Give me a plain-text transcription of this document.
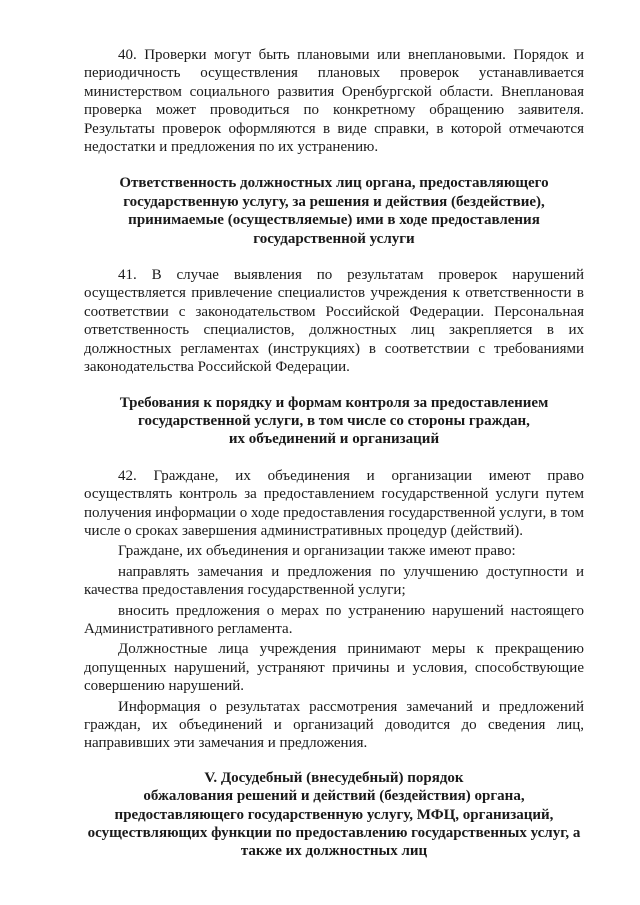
40. Проверки могут быть плановыми или внеплановыми. Порядок и периодичность осуществления плановых проверок устанавливается министерством социального развития Оренбургской области. Внеплановая проверка может проводиться по конкретному обращению заявителя. Результаты проверок оформляются в виде справки, в которой отмечаются недостатки и предложения по их устранению.

Ответственность должностных лиц органа, предоставляющего
государственную услугу, за решения и действия (бездействие),
принимаемые (осуществляемые) ими в ходе предоставления
государственной услуги

41. В случае выявления по результатам проверок нарушений осуществляется привлечение специалистов учреждения к ответственности в соответствии с законодательством Российской Федерации. Персональная ответственность специалистов, должностных лиц закрепляется в их должностных регламентах (инструкциях) в соответствии с требованиями законодательства Российской Федерации.

Требования к порядку и формам контроля за предоставлением
государственной услуги, в том числе со стороны граждан,
их объединений и организаций

42. Граждане, их объединения и организации имеют право осуществлять контроль за предоставлением государственной услуги путем получения информации о ходе предоставления государственной услуги, в том числе о сроках завершения административных процедур (действий).

Граждане, их объединения и организации также имеют право:

направлять замечания и предложения по улучшению доступности и качества предоставления государственной услуги;

вносить предложения о мерах по устранению нарушений настоящего Административного регламента.

Должностные лица учреждения принимают меры к прекращению допущенных нарушений, устраняют причины и условия, способствующие совершению нарушений.

Информация о результатах рассмотрения замечаний и предложений граждан, их объединений и организаций доводится до сведения лиц, направивших эти замечания и предложения.

V. Досудебный (внесудебный) порядок
обжалования решений и действий (бездействия) органа,
предоставляющего государственную услугу, МФЦ, организаций,
осуществляющих функции по предоставлению государственных услуг, а
также их должностных лиц
